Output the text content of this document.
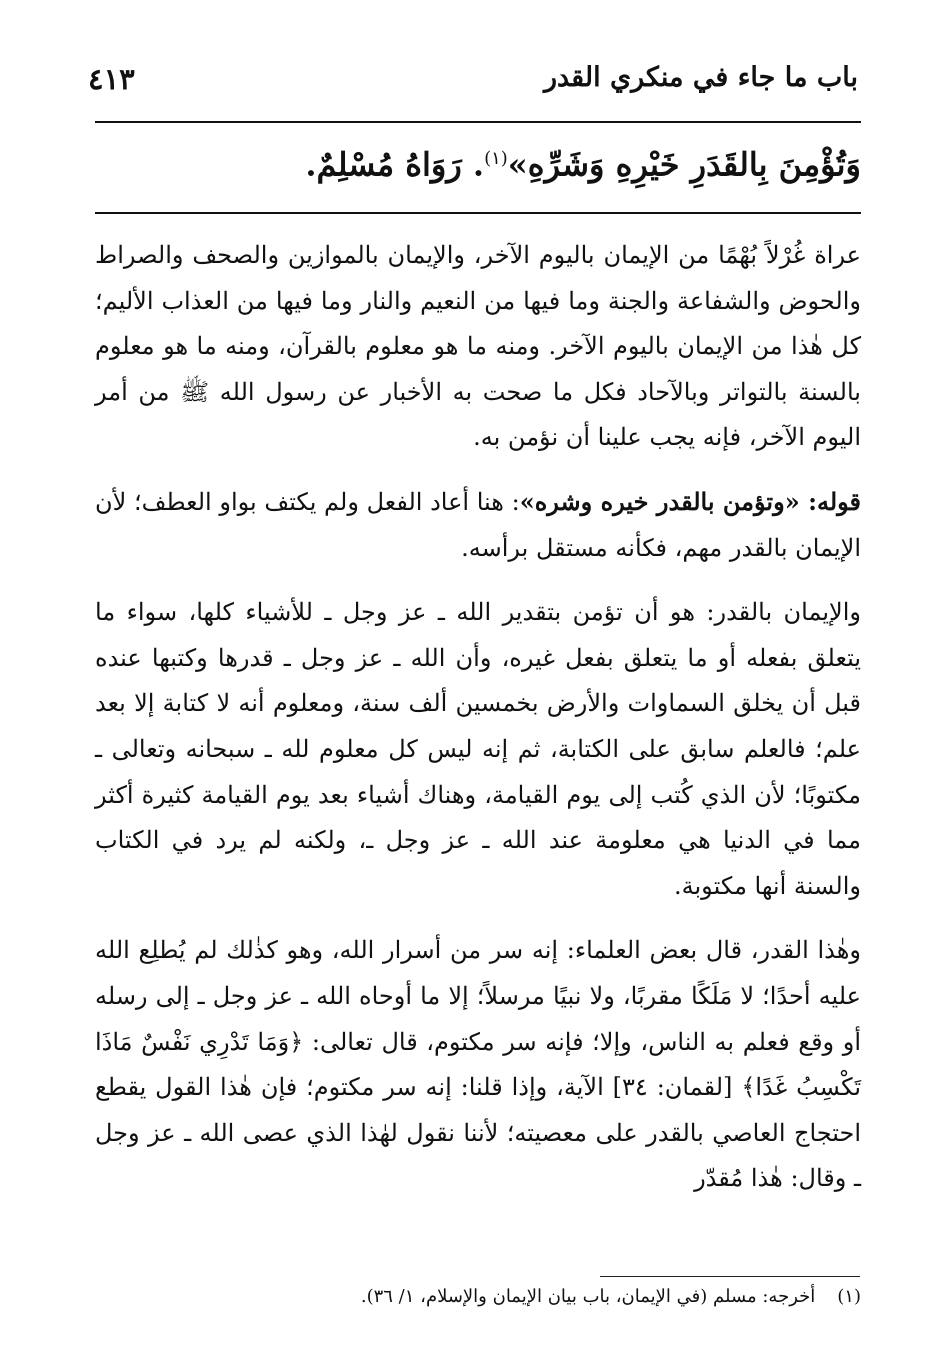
باب ما جاء في منكري القدر
٤١٣
وَتُؤْمِنَ بِالقَدَرِ خَيْرِهِ وَشَرِّهِ»$^{(١)}$. رَوَاهُ مُسْلِمٌ.

عراة غُرْلاً بُهْمًا من الإيمان باليوم الآخر، والإيمان بالموازين والصحف والصراط والحوض والشفاعة والجنة وما فيها من النعيم والنار وما فيها من العذاب الأليم؛ كل هٰذا من الإيمان باليوم الآخر. ومنه ما هو معلوم بالقرآن، ومنه ما هو معلوم بالسنة بالتواتر وبالآحاد فكل ما صحت به الأخبار عن رسول الله ﷺ من أمر اليوم الآخر، فإنه يجب علينا أن نؤمن به.

قوله: «وتؤمن بالقدر خيره وشره»: هنا أعاد الفعل ولم يكتف بواو العطف؛ لأن الإيمان بالقدر مهم، فكأنه مستقل برأسه.

والإيمان بالقدر: هو أن تؤمن بتقدير الله ـ عز وجل ـ للأشياء كلها، سواء ما يتعلق بفعله أو ما يتعلق بفعل غيره، وأن الله ـ عز وجل ـ قدرها وكتبها عنده قبل أن يخلق السماوات والأرض بخمسين ألف سنة، ومعلوم أنه لا كتابة إلا بعد علم؛ فالعلم سابق على الكتابة، ثم إنه ليس كل معلوم لله ـ سبحانه وتعالى ـ مكتوبًا؛ لأن الذي كُتب إلى يوم القيامة، وهناك أشياء بعد يوم القيامة كثيرة أكثر مما في الدنيا هي معلومة عند الله ـ عز وجل ـ، ولكنه لم يرد في الكتاب والسنة أنها مكتوبة.

وهٰذا القدر، قال بعض العلماء: إنه سر من أسرار الله، وهو كذٰلك لم يُطلِع الله عليه أحدًا؛ لا مَلَكًا مقربًا، ولا نبيًا مرسلاً؛ إلا ما أوحاه الله ـ عز وجل ـ إلى رسله أو وقع فعلم به الناس، وإلا؛ فإنه سر مكتوم، قال تعالى: ﴿وَمَا تَدْرِي نَفْسٌ مَاذَا تَكْسِبُ غَدًا﴾ [لقمان: ٣٤] الآية، وإذا قلنا: إنه سر مكتوم؛ فإن هٰذا القول يقطع احتجاج العاصي بالقدر على معصيته؛ لأننا نقول لهٰذا الذي عصى الله ـ عز وجل ـ وقال: هٰذا مُقدّر

(١)أخرجه: مسلم (في الإيمان، باب بيان الإيمان والإسلام، ١/ ٣٦).
